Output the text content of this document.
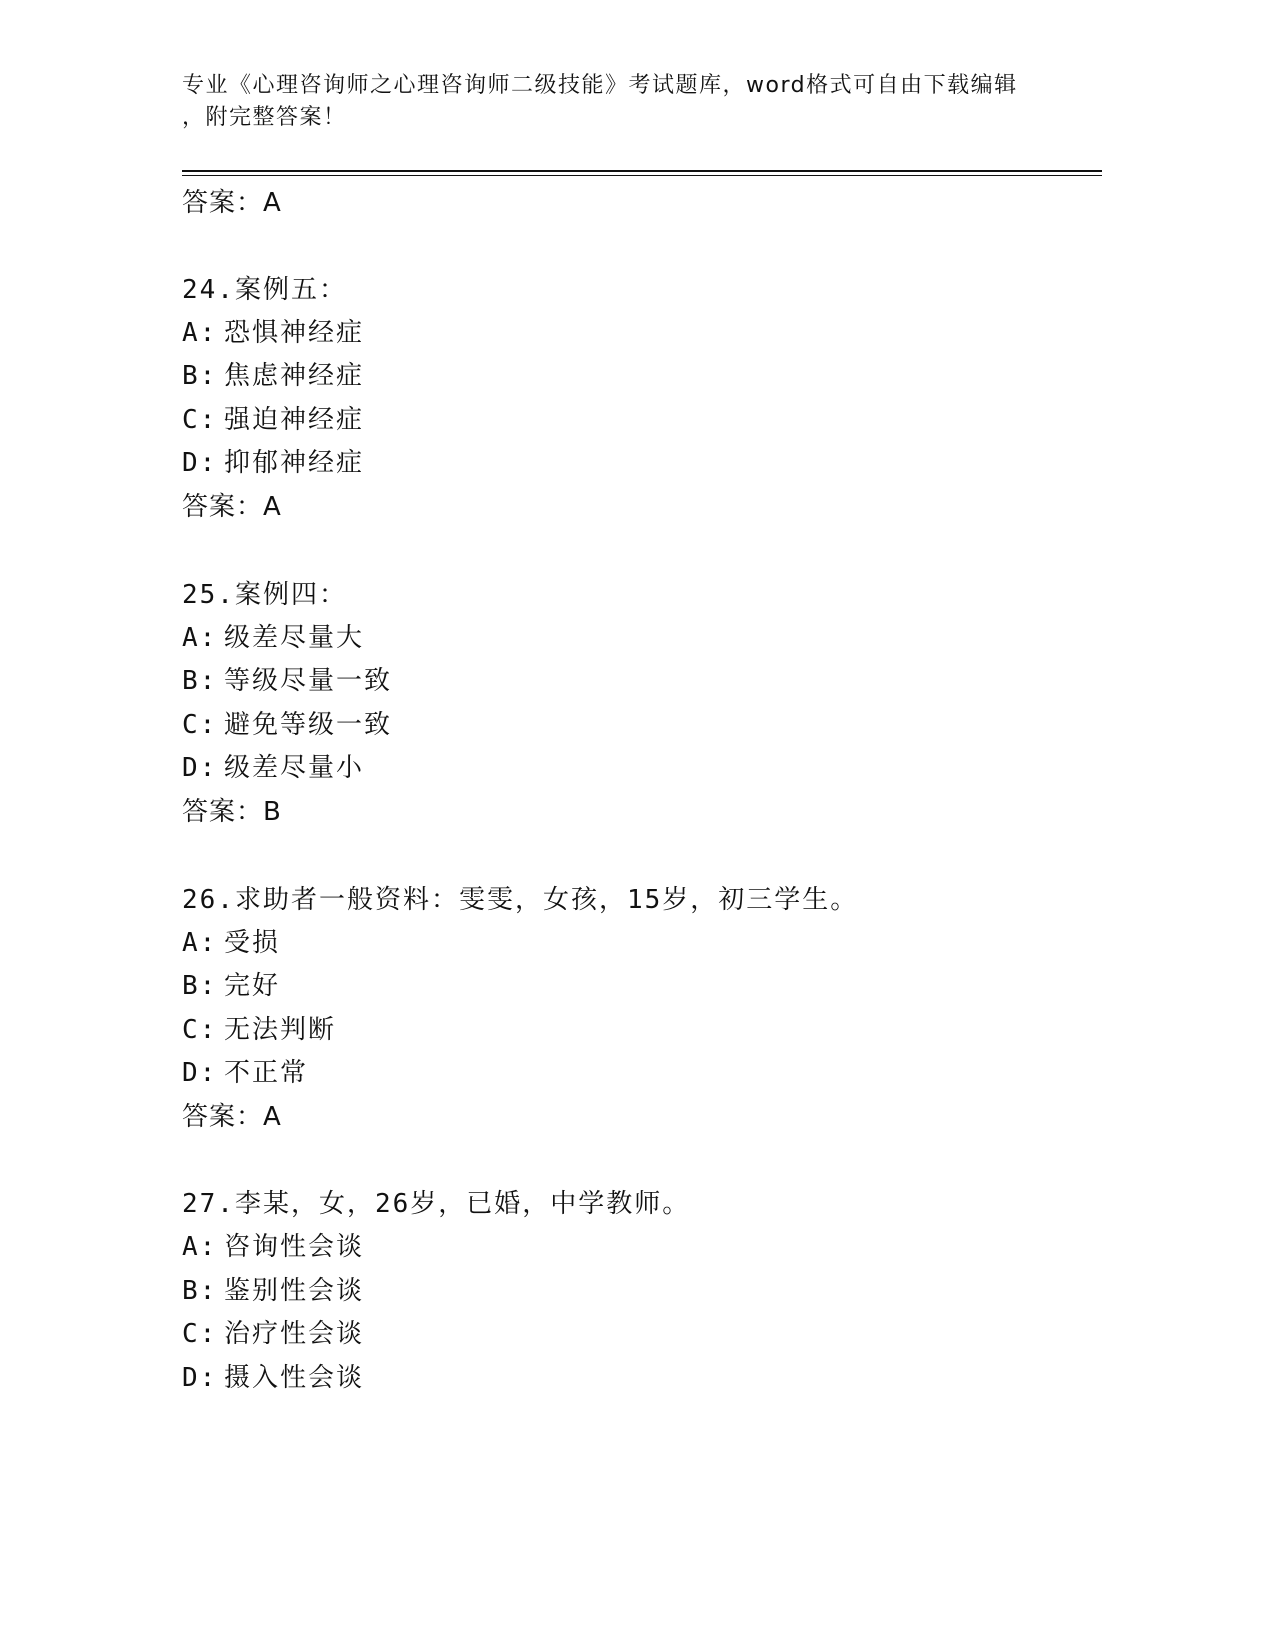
专业《心理咨询师之心理咨询师二级技能》考试题库，word格式可自由下载编辑
，附完整答案！
答案：A
24.案例五：
A: 恐惧神经症
B: 焦虑神经症
C: 强迫神经症
D: 抑郁神经症
答案：A
25.案例四：
A: 级差尽量大
B: 等级尽量一致
C: 避免等级一致
D: 级差尽量小
答案：B
26.求助者一般资料：雯雯，女孩，15岁，初三学生。
A: 受损
B: 完好
C: 无法判断
D: 不正常
答案：A
27.李某，女，26岁，已婚，中学教师。
A: 咨询性会谈
B: 鉴别性会谈
C: 治疗性会谈
D: 摄入性会谈
